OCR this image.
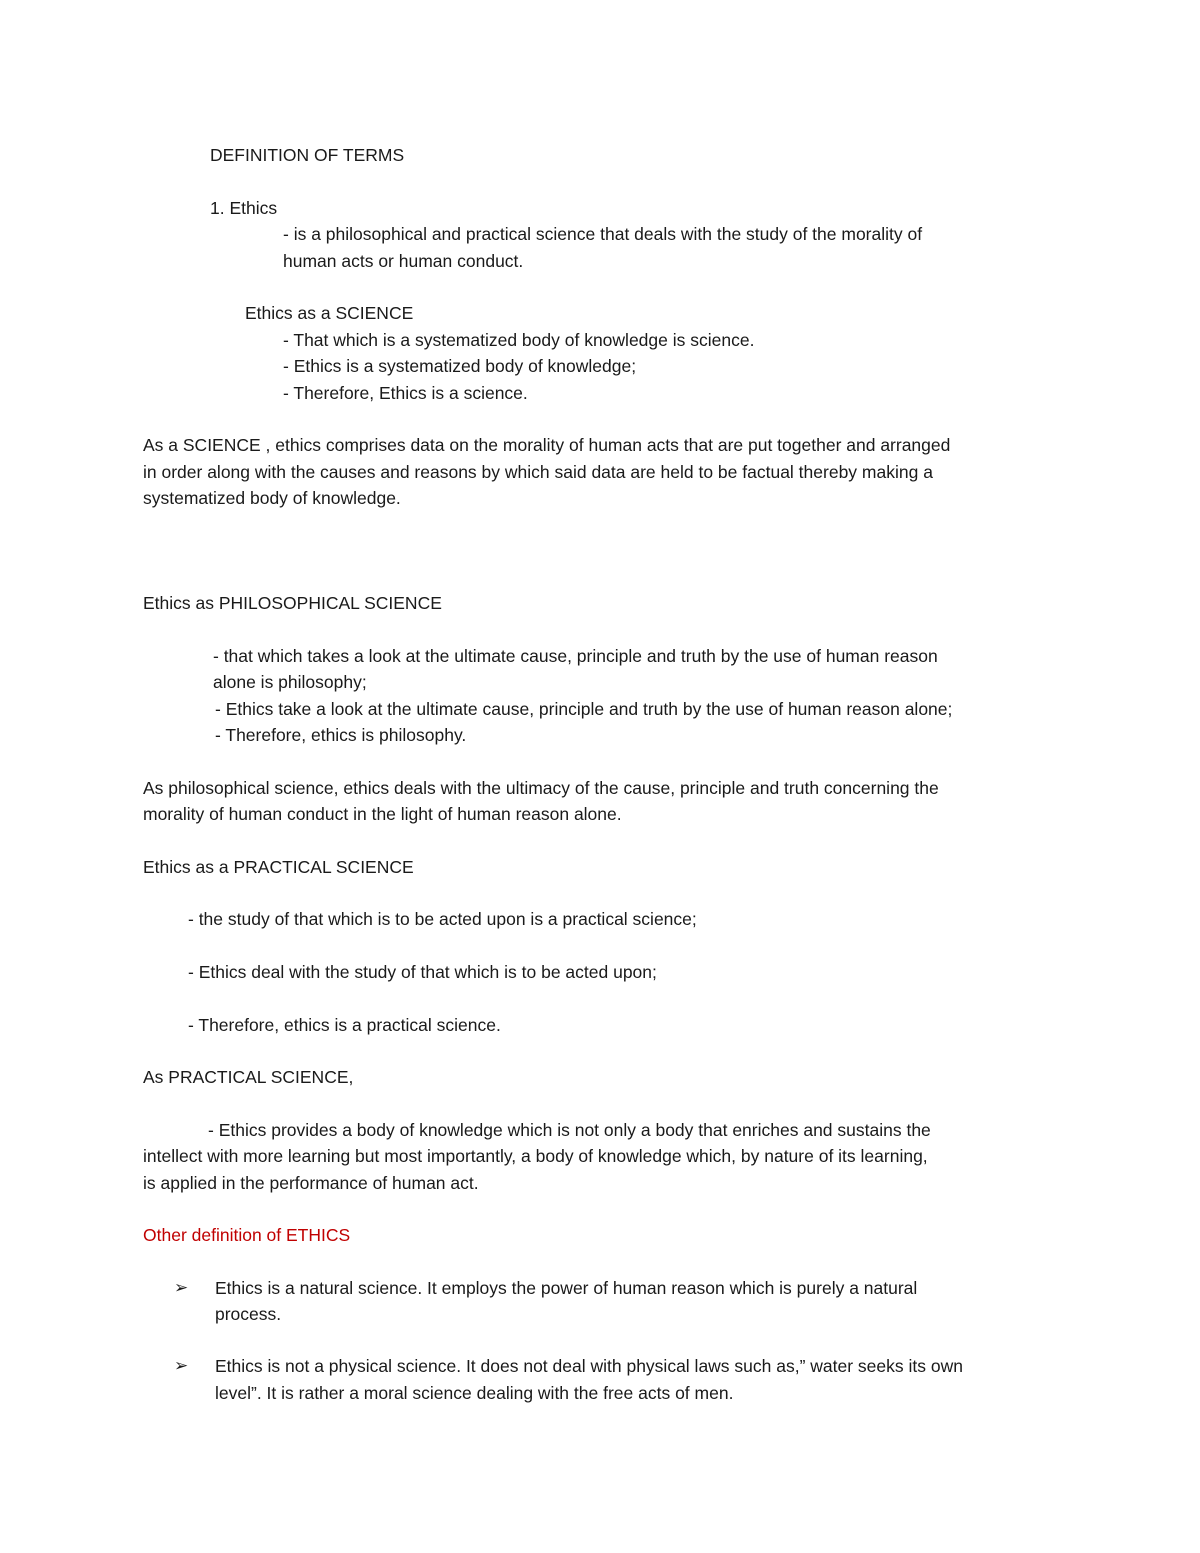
DEFINITION OF TERMS
1. Ethics
- is a philosophical and practical science that deals with the study of the morality of
human acts or human conduct.
Ethics as a SCIENCE
- That which is a systematized body of knowledge is science.
- Ethics is a systematized body of knowledge;
- Therefore, Ethics is a science.
As a SCIENCE , ethics comprises data on the morality of human acts that are put together and arranged
in order along with the causes and reasons by which said data are held to be factual thereby making a
systematized body of knowledge.
Ethics as PHILOSOPHICAL SCIENCE
- that which takes a look at the ultimate cause, principle and truth by the use of human reason
alone is philosophy;
- Ethics take a look at the ultimate cause, principle and truth by the use of human reason alone;
- Therefore, ethics is philosophy.
As philosophical science, ethics deals with the ultimacy of the cause, principle and truth concerning the
morality of human conduct in the light of human reason alone.
Ethics as a PRACTICAL SCIENCE
- the study of that which is to be acted upon is a practical science;
- Ethics deal with the study of that which is to be acted upon;
- Therefore, ethics is a practical science.
As PRACTICAL SCIENCE,
- Ethics provides a body of knowledge which is not only a body that enriches and sustains the
intellect with more learning but most importantly, a body of knowledge which, by nature of its learning,
is applied in the performance of human act.
Other definition of ETHICS
➢ Ethics is a natural science. It employs the power of human reason which is purely a natural
process.
➢ Ethics is not a physical science. It does not deal with physical laws such as,” water seeks its own
level”. It is rather a moral science dealing with the free acts of men.
